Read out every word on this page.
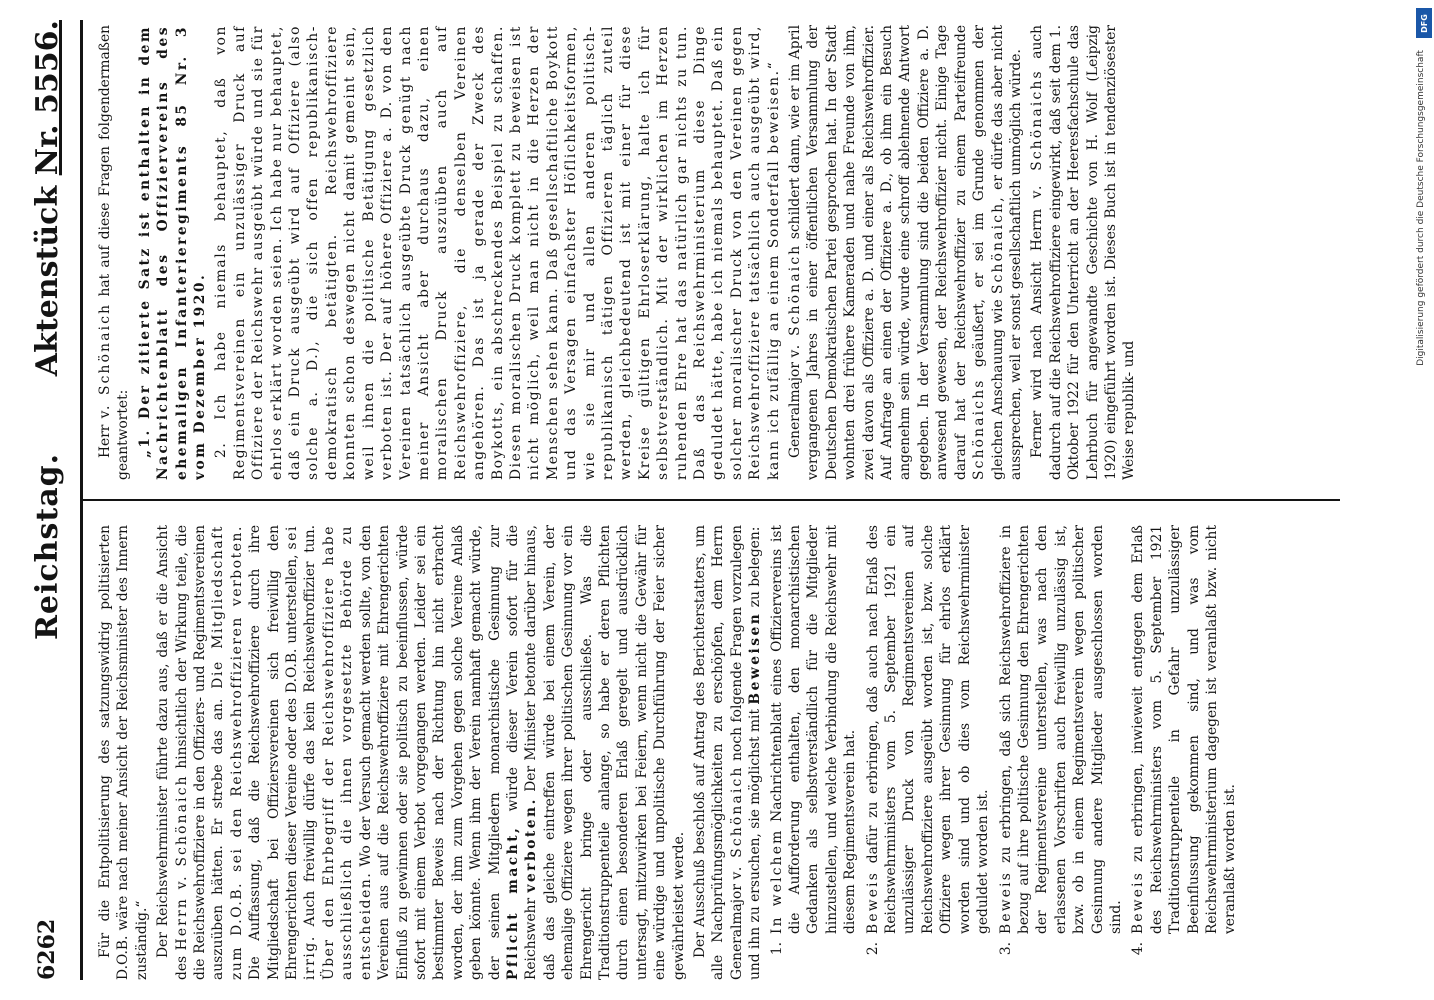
6262
Reichstag.
Aktenstück Nr. 5556.

Für die Entpolitisierung des satzungswidrig politisierten D.O.B. wäre nach meiner Ansicht der Reichsminister des Innern zuständig.“ Der Reichswehrminister führte dazu aus, daß er die Ansicht des Herrn v. Schönaich hinsichtlich der Wirkung teile, die die Reichswehroffiziere in den Offiziers- und Regimentsvereinen auszuüben hätten. Er strebe das an. Die Mitgliedschaft zum D.O.B. sei den Reichswehroffizieren verboten. Die Auffassung, daß die Reichswehroffiziere durch ihre Mitgliedschaft bei Offiziersvereinen sich freiwillig den Ehrengerichten dieser Vereine oder des D.O.B. unterstellen, sei irrig. Auch freiwillig dürfe das kein Reichswehroffizier tun. Über den Ehrbegriff der Reichswehroffiziere habe ausschließlich die ihnen vorgesetzte Behörde zu entscheiden. Wo der Versuch gemacht werden sollte, von den Vereinen aus auf die Reichswehroffiziere mit Ehrengerichten Einfluß zu gewinnen oder sie politisch zu beeinflussen, würde sofort mit einem Verbot vorgegangen werden. Leider sei ein bestimmter Beweis nach der Richtung hin nicht erbracht worden, der ihm zum Vorgehen gegen solche Vereine Anlaß geben könnte. Wenn ihm der Verein namhaft gemacht würde, der seinen Mitgliedern monarchistische Gesinnung zur Pflicht macht, würde dieser Verein sofort für die Reichswehr verboten. Der Minister betonte darüber hinaus, daß das gleiche eintreffen würde bei einem Verein, der ehemalige Offiziere wegen ihrer politischen Gesinnung vor ein Ehrengericht bringe oder ausschließe. Was die Traditionstruppenteile anlange, so habe er deren Pflichten durch einen besonderen Erlaß geregelt und ausdrücklich untersagt, mitzuwirken bei Feiern, wenn nicht die Gewähr für eine würdige und unpolitische Durchführung der Feier sicher gewährleistet werde. Der Ausschuß beschloß auf Antrag des Berichterstatters, um alle Nachprüfungsmöglichkeiten zu erschöpfen, dem Herrn Generalmajor v. Schönaich noch folgende Fragen vorzulegen und ihn zu ersuchen, sie möglichst mit Beweisen zu belegen:

1.
In welchem Nachrichtenblatt eines Offiziervereins ist die Aufforderung enthalten, den monarchistischen Gedanken als selbstverständlich für die Mitglieder hinzustellen, und welche Verbindung die Reichswehr mit diesem Regimentsverein hat.
2.
Beweis dafür zu erbringen, daß auch nach Erlaß des Reichswehrministers vom 5. September 1921 ein unzulässiger Druck von Regimentsvereinen auf Reichswehroffiziere ausgeübt worden ist, bzw. solche Offiziere wegen ihrer Gesinnung für ehrlos erklärt worden sind und ob dies vom Reichswehrminister geduldet worden ist.
3.
Beweis zu erbringen, daß sich Reichswehroffiziere in bezug auf ihre politische Gesinnung den Ehrengerichten der Regimentsvereine unterstellen, was nach den erlassenen Vorschriften auch freiwillig unzulässig ist, bzw. ob in einem Regimentsverein wegen politischer Gesinnung andere Mitglieder ausgeschlossen worden sind.
4.
Beweis zu erbringen, inwieweit entgegen dem Erlaß des Reichswehrministers vom 5. September 1921 Traditionstruppenteile in Gefahr unzulässiger Beeinflussung gekommen sind, und was vom Reichswehrministerium dagegen ist veranlaßt bzw. nicht veranlaßt worden ist.

Herr v. Schönaich hat auf diese Fragen folgendermaßen geantwortet: „1. Der zitierte Satz ist enthalten in dem Nachrichtenblatt des Offiziervereins des ehemaligen Infanterieregiments 85 Nr. 3 vom Dezember 1920. 2. Ich habe niemals behauptet, daß von Regimentsvereinen ein unzulässiger Druck auf Offiziere der Reichswehr ausgeübt würde und sie für ehrlos erklärt worden seien. Ich habe nur behauptet, daß ein Druck ausgeübt wird auf Offiziere (also solche a. D.), die sich offen republikanisch-demokratisch betätigten. Reichswehroffiziere konnten schon deswegen nicht damit gemeint sein, weil ihnen die politische Betätigung gesetzlich verboten ist. Der auf höhere Offiziere a. D. von den Vereinen tatsächlich ausgeübte Druck genügt nach meiner Ansicht aber durchaus dazu, einen moralischen Druck auszuüben auch auf Reichswehroffiziere, die denselben Vereinen angehören. Das ist ja gerade der Zweck des Boykotts, ein abschreckendes Beispiel zu schaffen. Diesen moralischen Druck komplett zu beweisen ist nicht möglich, weil man nicht in die Herzen der Menschen sehen kann. Daß gesellschaftliche Boykott und das Versagen einfachster Höflichkeitsformen, wie sie mir und allen anderen politisch-republikanisch tätigen Offizieren täglich zuteil werden, gleichbedeutend ist mit einer für diese Kreise gültigen Ehrloserklärung, halte ich für selbstverständlich. Mit der wirklichen im Herzen ruhenden Ehre hat das natürlich gar nichts zu tun. Daß das Reichswehrministerium diese Dinge geduldet hätte, habe ich niemals behauptet. Daß ein solcher moralischer Druck von den Vereinen gegen Reichswehroffiziere tatsächlich auch ausgeübt wird, kann ich zufällig an einem Sonderfall beweisen.“ Generalmajor v. Schönaich schildert dann, wie er im April vergangenen Jahres in einer öffentlichen Versammlung der Deutschen Demokratischen Partei gesprochen hat. In der Stadt wohnten drei frühere Kameraden und nahe Freunde von ihm, zwei davon als Offiziere a. D. und einer als Reichswehroffizier. Auf Anfrage an einen der Offiziere a. D., ob ihm ein Besuch angenehm sein würde, wurde eine schroff ablehnende Antwort gegeben. In der Versammlung sind die beiden Offiziere a. D. anwesend gewesen, der Reichswehroffizier nicht. Einige Tage darauf hat der Reichswehroffizier zu einem Parteifreunde Schönaichs geäußert, er sei im Grunde genommen der gleichen Anschauung wie Schönaich, er dürfe das aber nicht aussprechen, weil er sonst gesellschaftlich unmöglich würde. Ferner wird nach Ansicht Herrn v. Schönaichs auch dadurch auf die Reichswehroffiziere eingewirkt, daß seit dem 1. Oktober 1922 für den Unterricht an der Heeresfachschule das Lehrbuch für angewandte Geschichte von H. Wolf (Leipzig 1920) eingeführt worden ist. Dieses Buch ist in tendenziösester Weise republik- und

DFG
Digitalisierung gefördert durch die Deutsche Forschungsgemeinschaft
